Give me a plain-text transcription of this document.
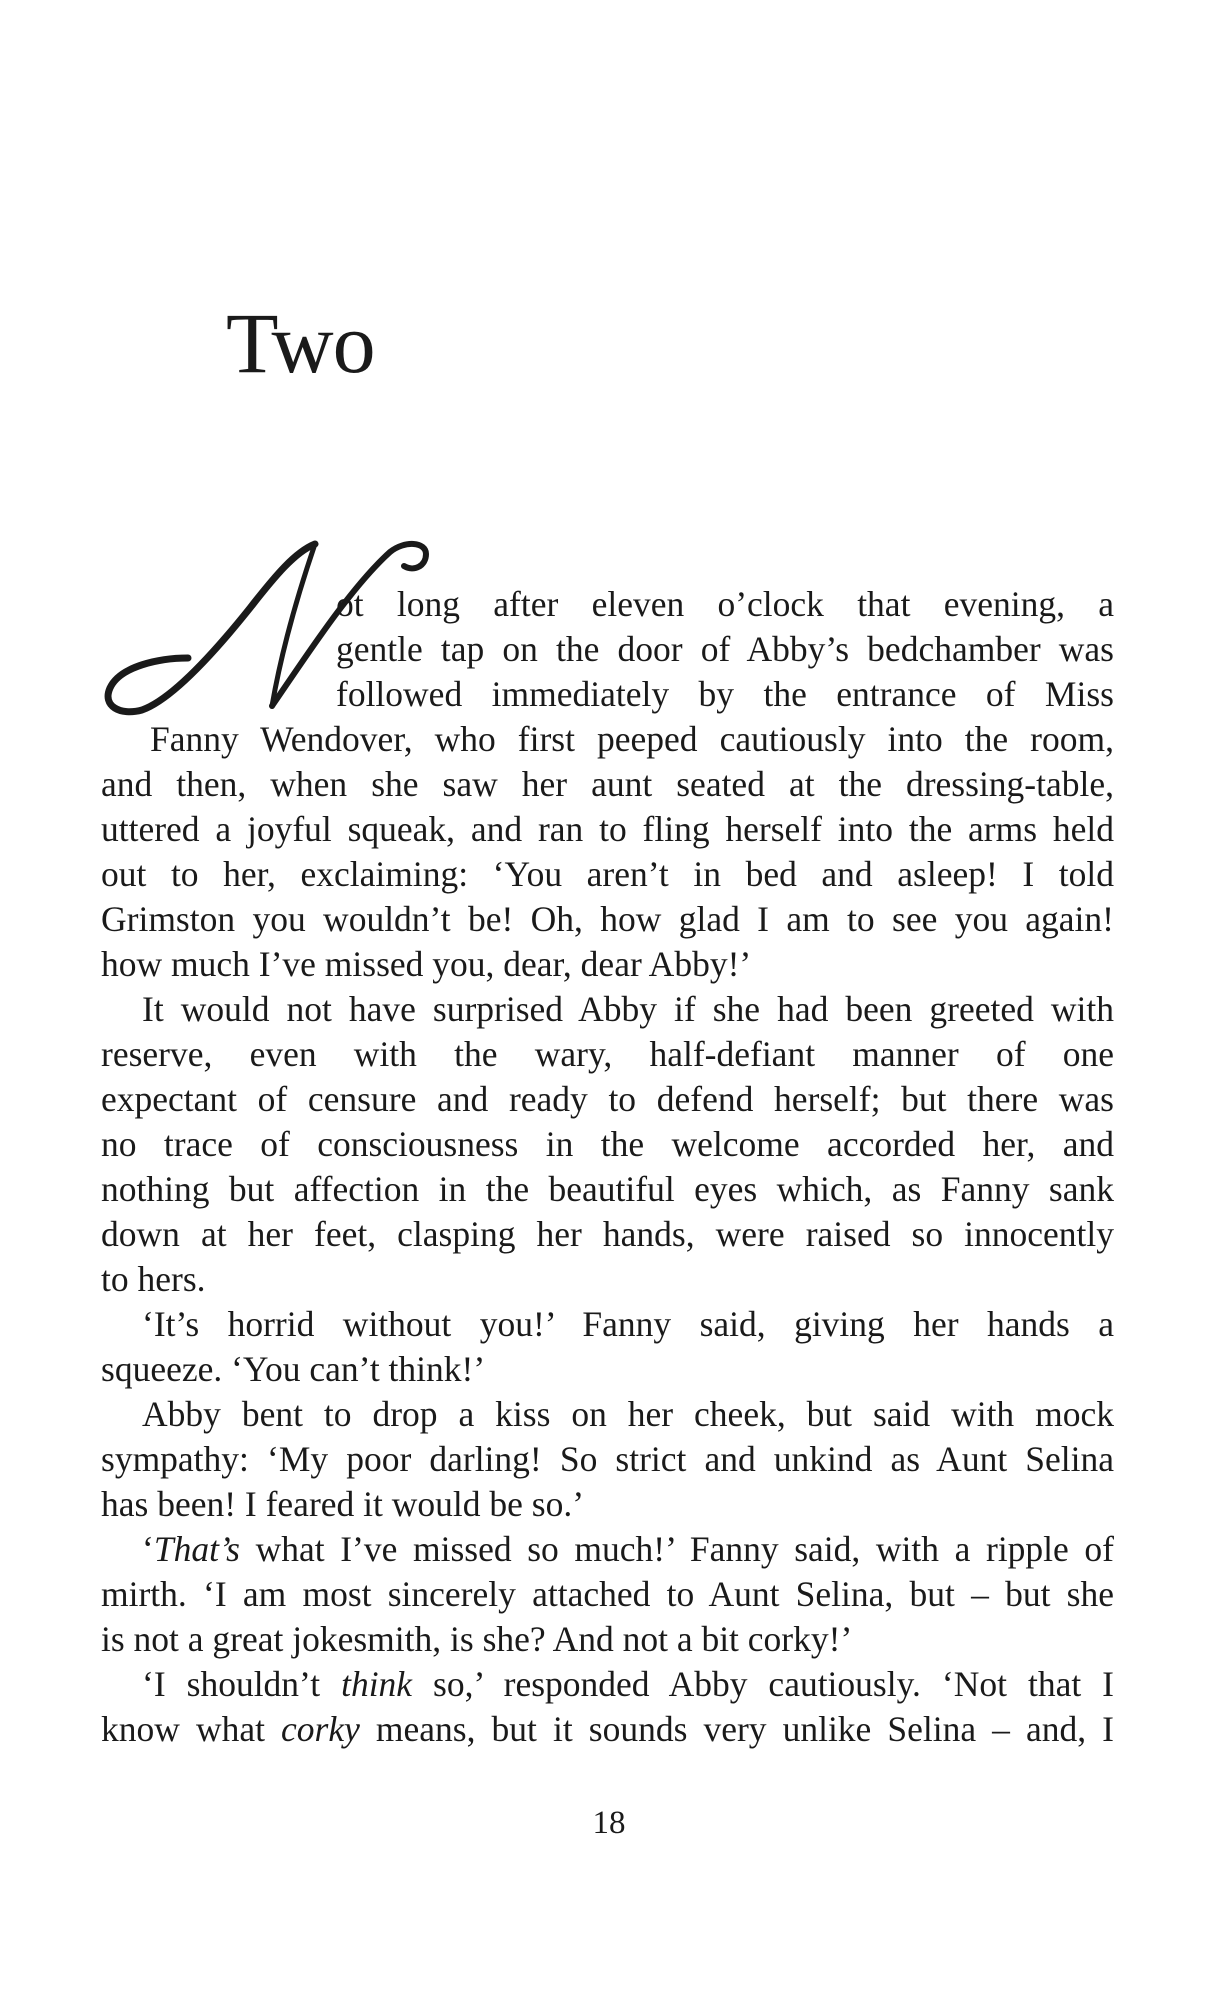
Two

ot long after eleven o’clock that evening, a

gentle tap on the door of Abby’s bedchamber was

followed immediately by the entrance of Miss

Fanny Wendover, who first peeped cautiously into the room,

and then, when she saw her aunt seated at the dressing-table,

uttered a joyful squeak, and ran to fling herself into the arms held

out to her, exclaiming: ‘You aren’t in bed and asleep! I told

Grimston you wouldn’t be! Oh, how glad I am to see you again!

how much I’ve missed you, dear, dear Abby!’

It would not have surprised Abby if she had been greeted with

reserve, even with the wary, half-defiant manner of one

expectant of censure and ready to defend herself; but there was

no trace of consciousness in the welcome accorded her, and

nothing but affection in the beautiful eyes which, as Fanny sank

down at her feet, clasping her hands, were raised so innocently

to hers.

‘It’s horrid without you!’ Fanny said, giving her hands a

squeeze. ‘You can’t think!’

Abby bent to drop a kiss on her cheek, but said with mock

sympathy: ‘My poor darling! So strict and unkind as Aunt Selina

has been! I feared it would be so.’

‘That’s what I’ve missed so much!’ Fanny said, with a ripple of

mirth. ‘I am most sincerely attached to Aunt Selina, but – but she

is not a great jokesmith, is she? And not a bit corky!’

‘I shouldn’t think so,’ responded Abby cautiously. ‘Not that I

know what corky means, but it sounds very unlike Selina – and, I

18
